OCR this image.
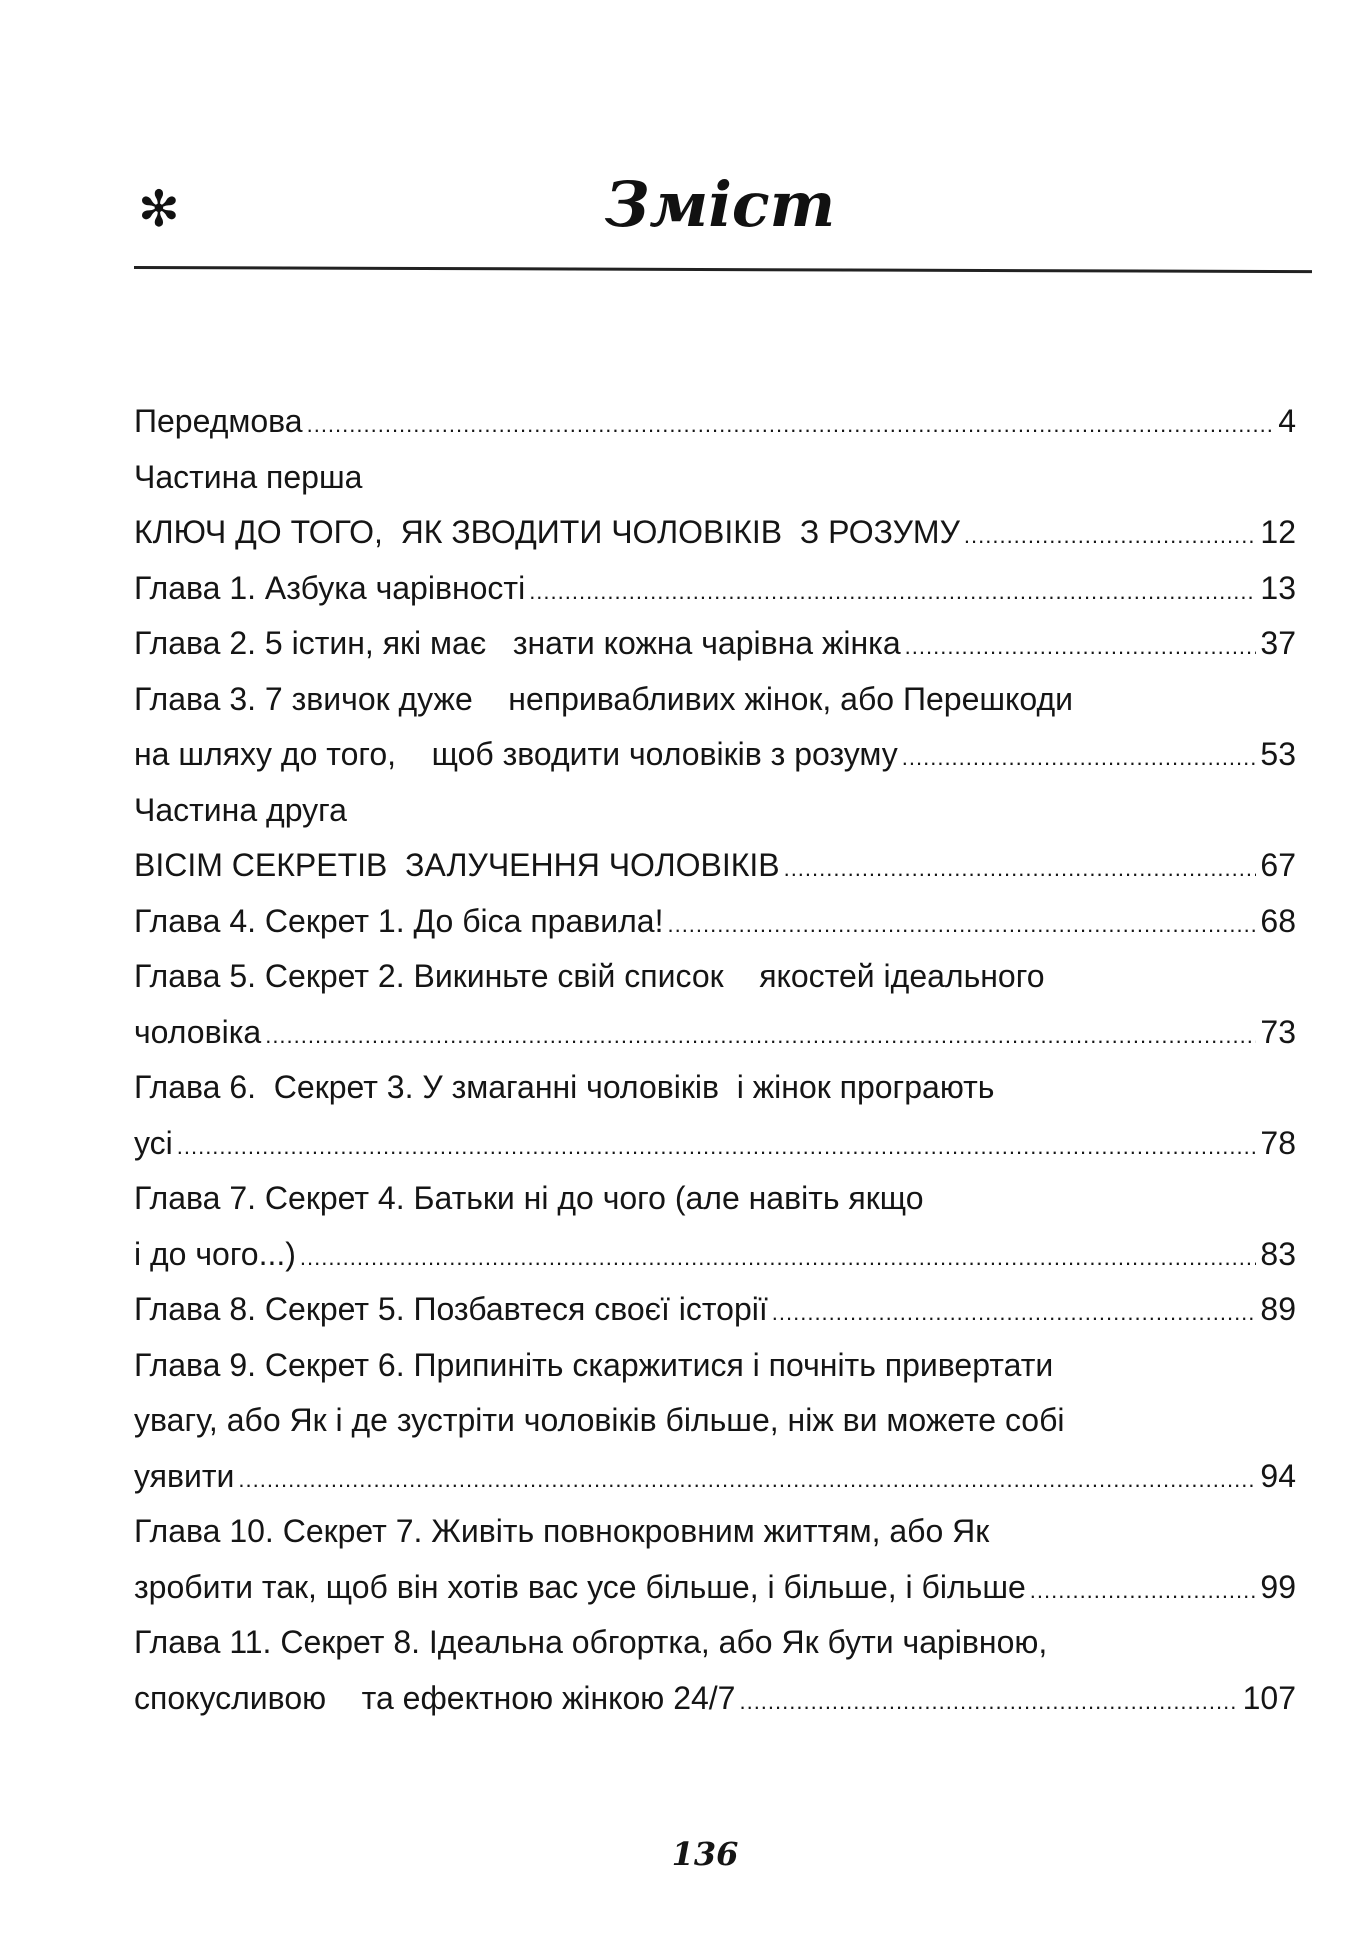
✻	Зміст
Передмова .....	4
Частина перша
КЛЮЧ ДО ТОГО,  ЯК ЗВОДИТИ ЧОЛОВІКІВ  З РОЗУМУ .....	12
Глава 1. Азбука чарівності .....	13
Глава 2. 5 істин, які має   знати кожна чарівна жінка .....	37
Глава 3. 7 звичок дуже    непривабливих жінок, або Перешкоди
на шляху до того,    щоб зводити чоловіків з розуму .....	53
Частина друга
ВІСІМ СЕКРЕТІВ  ЗАЛУЧЕННЯ ЧОЛОВІКІВ .....	67
Глава 4. Секрет 1. До біса правила! .....	68
Глава 5. Секрет 2. Викиньте свій список    якостей ідеального
чоловіка .....	73
Глава 6.  Секрет 3. У змаганні чоловіків  і жінок програють
усі .....	78
Глава 7. Секрет 4. Батьки ні до чого (але навіть якщо
і до чого...) .....	83
Глава 8. Секрет 5. Позбавтеся своєї історії .....	89
Глава 9. Секрет 6. Припиніть скаржитися і почніть привертати
увагу, або Як і де зустріти чоловіків більше, ніж ви можете собі
уявити .....	94
Глава 10. Секрет 7. Живіть повнокровним життям, або Як
зробити так, щоб він хотів вас усе більше, і більше, і більше .....	99
Глава 11. Секрет 8. Ідеальна обгортка, або Як бути чарівною,
спокусливою    та ефектною жінкою 24/7 .....	107
136
